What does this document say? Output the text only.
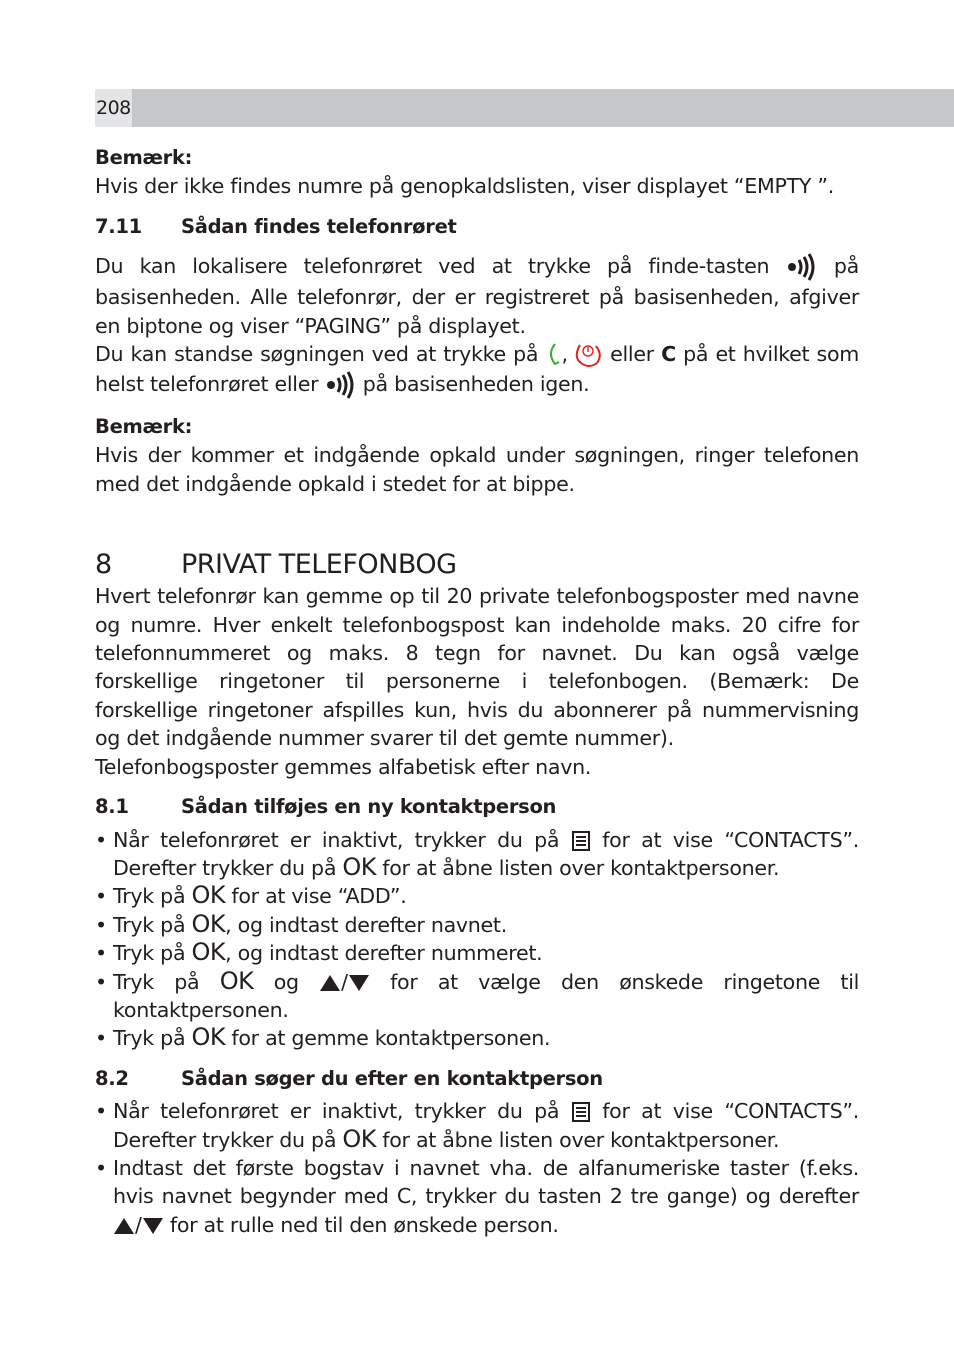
208

Bemærk:

Hvis der ikke findes numre på genopkaldslisten, viser displayet “EMPTY ”.

7.11	Sådan findes telefonrøret

Du kan lokalisere telefonrøret ved at trykke på finde-tasten	på basisenheden. Alle telefonrør, der er registreret på basisenheden, afgiver en biptone og viser “PAGING” på displayet.

Du kan standse søgningen ved at trykke på , eller C på et hvilket som helst telefonrøret eller på basisenheden igen.

Bemærk:

Hvis der kommer et indgående opkald under søgningen, ringer telefonen med det indgående opkald i stedet for at bippe.

8	PRIVAT TELEFONBOG

Hvert telefonrør kan gemme op til 20 private telefonbogsposter med navne og numre. Hver enkelt telefonbogspost kan indeholde maks. 20 cifre for telefonnummeret og maks. 8 tegn for navnet. Du kan også vælge forskellige ringetoner til personerne i telefonbogen. (Bemærk: De forskellige ringetoner afspilles kun, hvis du abonnerer på nummervisning og det indgående nummer svarer til det gemte nummer).

Telefonbogsposter gemmes alfabetisk efter navn.

8.1	Sådan tilføjes en ny kontaktperson
• Når telefonrøret er inaktivt, trykker du på for at vise “CONTACTS”. Derefter trykker du på OK for at åbne listen over kontaktpersoner.
• Tryk på OK for at vise “ADD”.
• Tryk på OK, og indtast derefter navnet.
• Tryk på OK, og indtast derefter nummeret.
• Tryk på OK og / for at vælge den ønskede ringetone til kontaktpersonen.
• Tryk på OK for at gemme kontaktpersonen.
8.2	Sådan søger du efter en kontaktperson
• Når telefonrøret er inaktivt, trykker du på for at vise “CONTACTS”. Derefter trykker du på OK for at åbne listen over kontaktpersoner.
• Indtast det første bogstav i navnet vha. de alfanumeriske taster (f.eks. hvis navnet begynder med C, trykker du tasten 2 tre gange) og derefter / for at rulle ned til den ønskede person.
